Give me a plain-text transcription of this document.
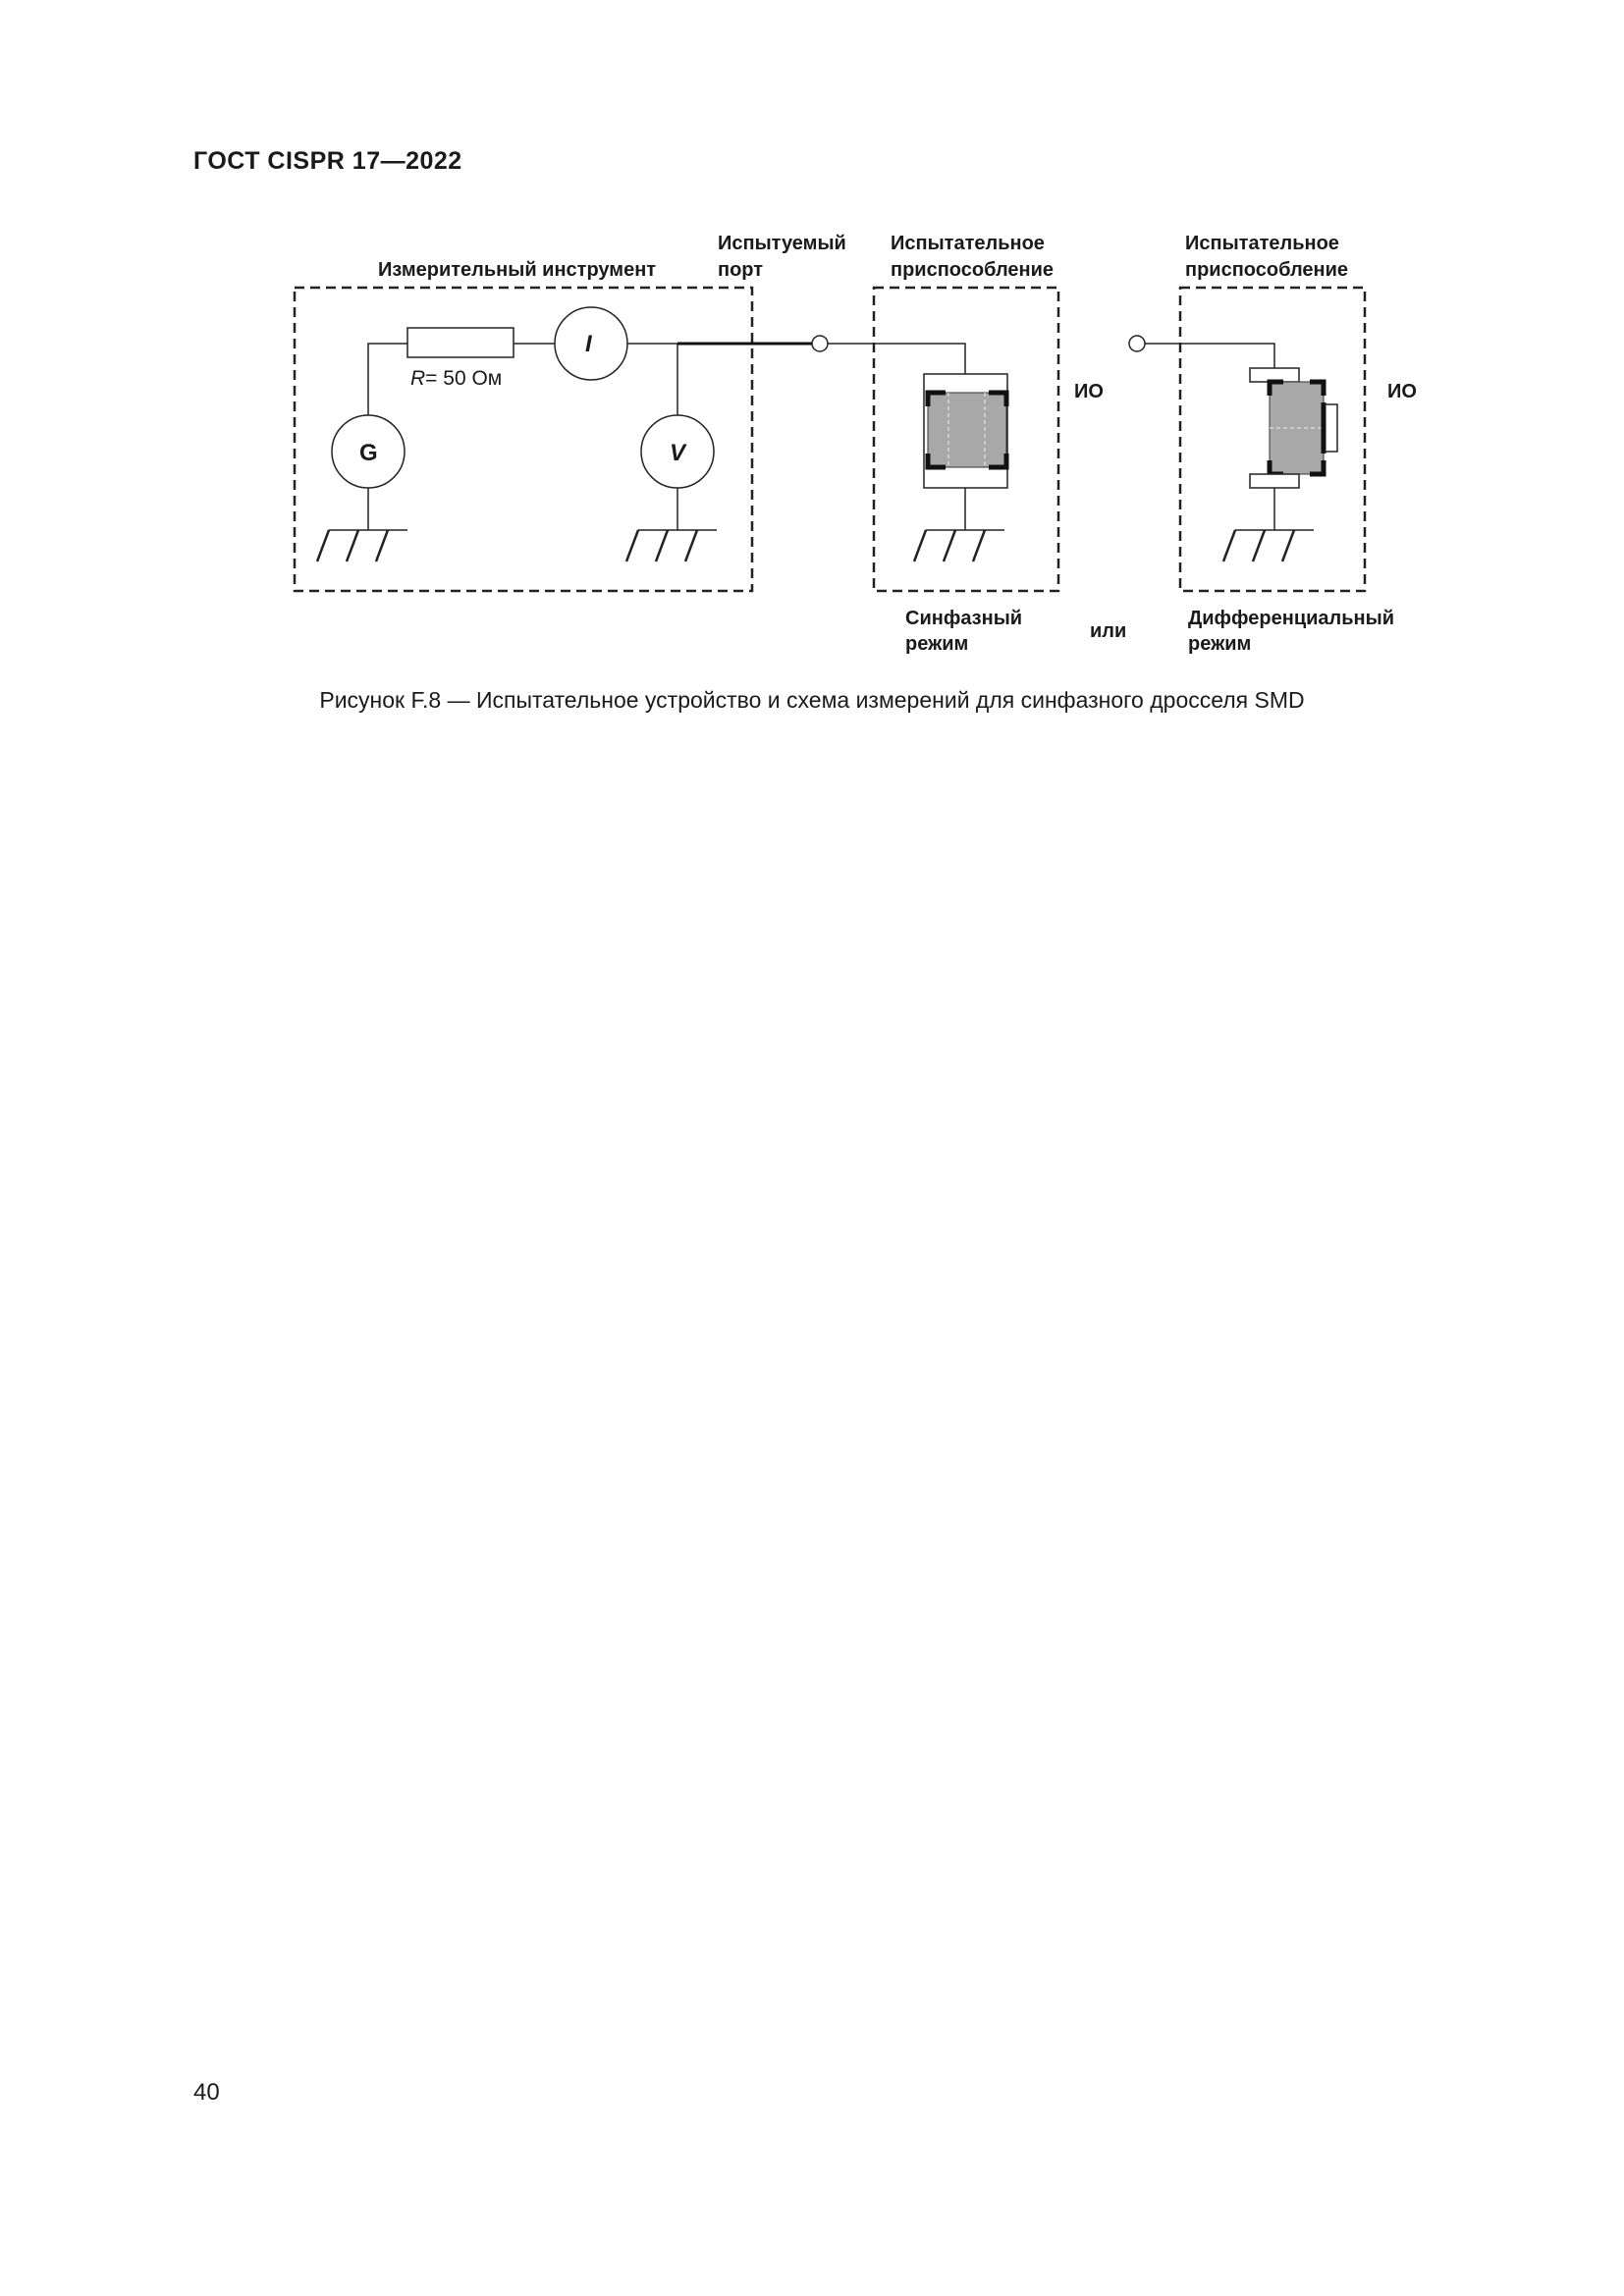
ГОСТ CISPR 17—2022
Измерительный инструмент
Испытуемый
порт
R= 50 Ом
I
G	V
Испытательное
приспособление
ИО
Испытательное
приспособление
ИО
Синфазный
режим
или
Дифференциальный
режим
Рисунок F.8 — Испытательное устройство и схема измерений для синфазного дросселя SMD
40
